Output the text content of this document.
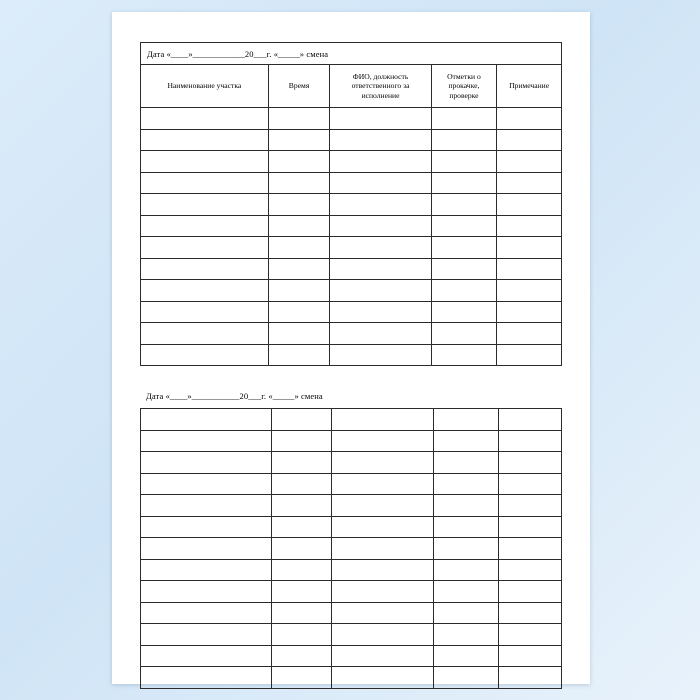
Дата «____»____________20___г. «_____» смена
Наименование участка	Время	ФИО, должность ответственного за исполнение	Отметки о прокачке, проверке	Примечание

Дата «____»___________20___г. «_____» смена
